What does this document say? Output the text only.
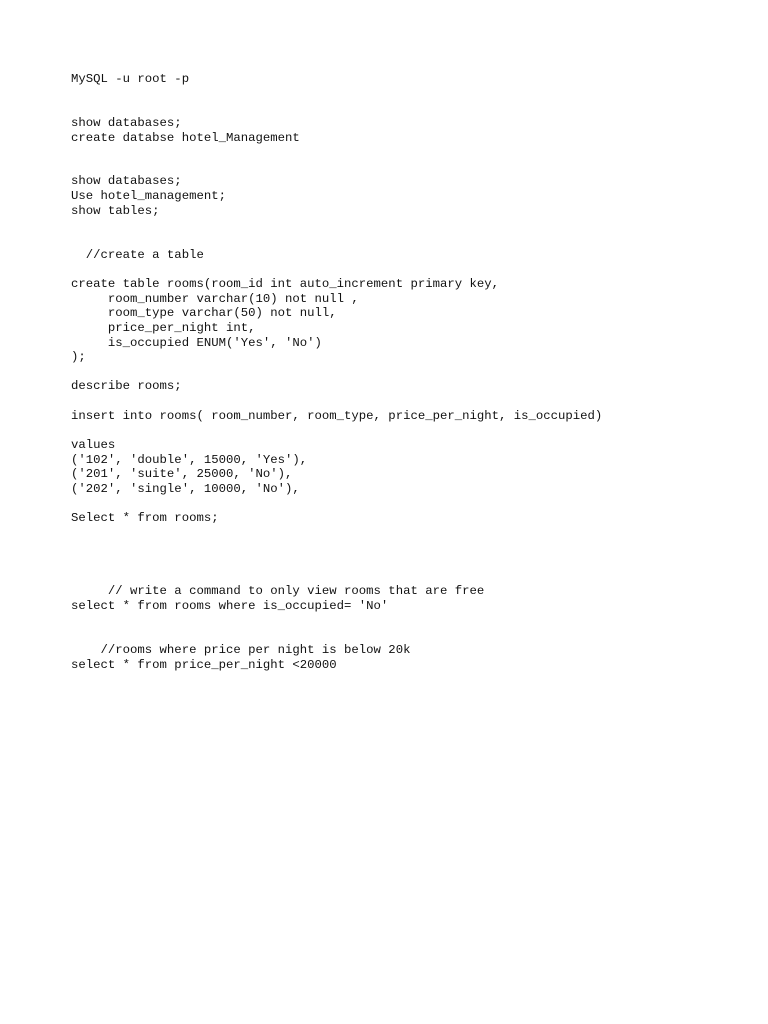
MySQL -u root -p
show databases;
create databse hotel_Management
show databases;
Use hotel_management;
show tables;
//create a table
create table rooms(room_id int auto_increment primary key,
room_number varchar(10) not null ,
room_type varchar(50) not null,
price_per_night int,
is_occupied ENUM('Yes', 'No')
);
describe rooms;
insert into rooms( room_number, room_type, price_per_night, is_occupied)
values
('102', 'double', 15000, 'Yes'),
('201', 'suite', 25000, 'No'),
('202', 'single', 10000, 'No'),
Select * from rooms;
// write a command to only view rooms that are free
select * from rooms where is_occupied= 'No'
//rooms where price per night is below 20k
select * from price_per_night <20000
